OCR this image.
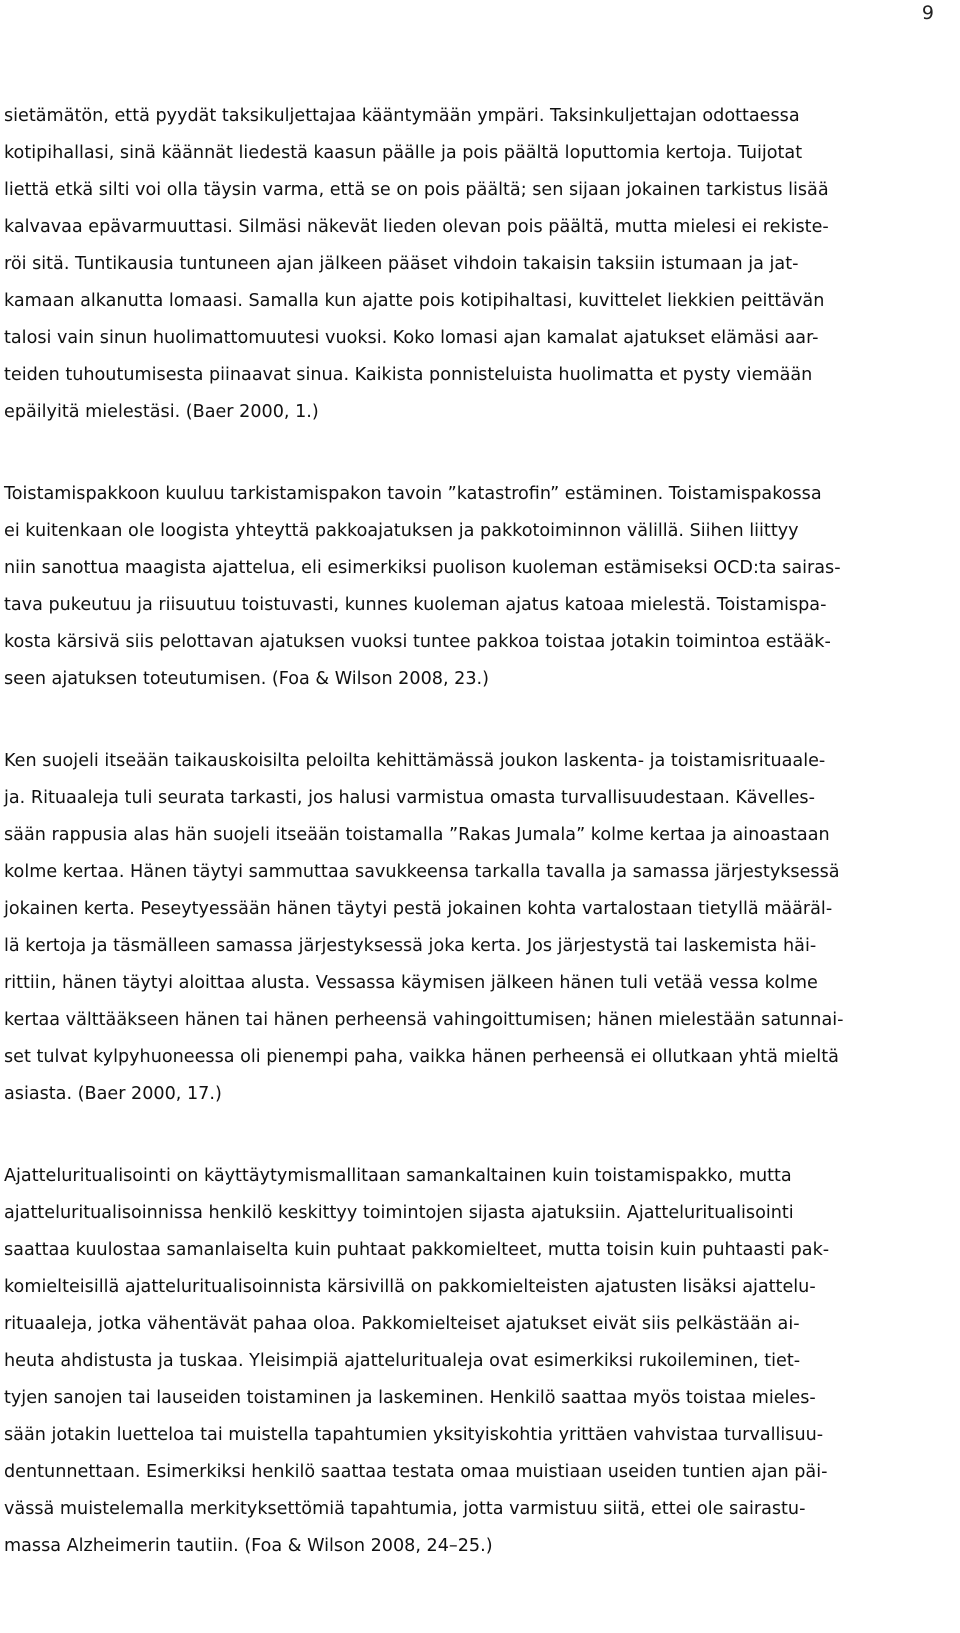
9
sietämätön, että pyydät taksikuljettajaa kääntymään ympäri. Taksinkuljettajan odottaessa
kotipihallasi, sinä käännät liedestä kaasun päälle ja pois päältä loputtomia kertoja. Tuijotat
liettä etkä silti voi olla täysin varma, että se on pois päältä; sen sijaan jokainen tarkistus lisää
kalvavaa epävarmuuttasi. Silmäsi näkevät lieden olevan pois päältä, mutta mielesi ei rekiste-
röi sitä. Tuntikausia tuntuneen ajan jälkeen pääset vihdoin takaisin taksiin istumaan ja jat-
kamaan alkanutta lomaasi. Samalla kun ajatte pois kotipihaltasi, kuvittelet liekkien peittävän
talosi vain sinun huolimattomuutesi vuoksi. Koko lomasi ajan kamalat ajatukset elämäsi aar-
teiden tuhoutumisesta piinaavat sinua. Kaikista ponnisteluista huolimatta et pysty viemään
epäilyitä mielestäsi. (Baer 2000, 1.)
Toistamispakkoon kuuluu tarkistamispakon tavoin ”katastrofin” estäminen. Toistamispakossa
ei kuitenkaan ole loogista yhteyttä pakkoajatuksen ja pakkotoiminnon välillä. Siihen liittyy
niin sanottua maagista ajattelua, eli esimerkiksi puolison kuoleman estämiseksi OCD:ta sairas-
tava pukeutuu ja riisuutuu toistuvasti, kunnes kuoleman ajatus katoaa mielestä. Toistamispa-
kosta kärsivä siis pelottavan ajatuksen vuoksi tuntee pakkoa toistaa jotakin toimintoa estääk-
seen ajatuksen toteutumisen. (Foa & Wilson 2008, 23.)
Ken suojeli itseään taikauskoisilta peloilta kehittämässä joukon laskenta- ja toistamisrituaale-
ja. Rituaaleja tuli seurata tarkasti, jos halusi varmistua omasta turvallisuudestaan. Kävelles-
sään rappusia alas hän suojeli itseään toistamalla ”Rakas Jumala” kolme kertaa ja ainoastaan
kolme kertaa. Hänen täytyi sammuttaa savukkeensa tarkalla tavalla ja samassa järjestyksessä
jokainen kerta. Peseytyessään hänen täytyi pestä jokainen kohta vartalostaan tietyllä määräl-
lä kertoja ja täsmälleen samassa järjestyksessä joka kerta. Jos järjestystä tai laskemista häi-
rittiin, hänen täytyi aloittaa alusta. Vessassa käymisen jälkeen hänen tuli vetää vessa kolme
kertaa välttääkseen hänen tai hänen perheensä vahingoittumisen; hänen mielestään satunnai-
set tulvat kylpyhuoneessa oli pienempi paha, vaikka hänen perheensä ei ollutkaan yhtä mieltä
asiasta. (Baer 2000, 17.)
Ajatteluritualisointi on käyttäytymismallitaan samankaltainen kuin toistamispakko, mutta
ajatteluritualisoinnissa henkilö keskittyy toimintojen sijasta ajatuksiin. Ajatteluritualisointi
saattaa kuulostaa samanlaiselta kuin puhtaat pakkomielteet, mutta toisin kuin puhtaasti pak-
komielteisillä ajatteluritualisoinnista kärsivillä on pakkomielteisten ajatusten lisäksi ajattelu-
rituaaleja, jotka vähentävät pahaa oloa. Pakkomielteiset ajatukset eivät siis pelkästään ai-
heuta ahdistusta ja tuskaa. Yleisimpiä ajatteluritualeja ovat esimerkiksi rukoileminen, tiet-
tyjen sanojen tai lauseiden toistaminen ja laskeminen. Henkilö saattaa myös toistaa mieles-
sään jotakin luetteloa tai muistella tapahtumien yksityiskohtia yrittäen vahvistaa turvallisuu-
dentunnettaan. Esimerkiksi henkilö saattaa testata omaa muistiaan useiden tuntien ajan päi-
vässä muistelemalla merkityksettömiä tapahtumia, jotta varmistuu siitä, ettei ole sairastu-
massa Alzheimerin tautiin. (Foa & Wilson 2008, 24–25.)
